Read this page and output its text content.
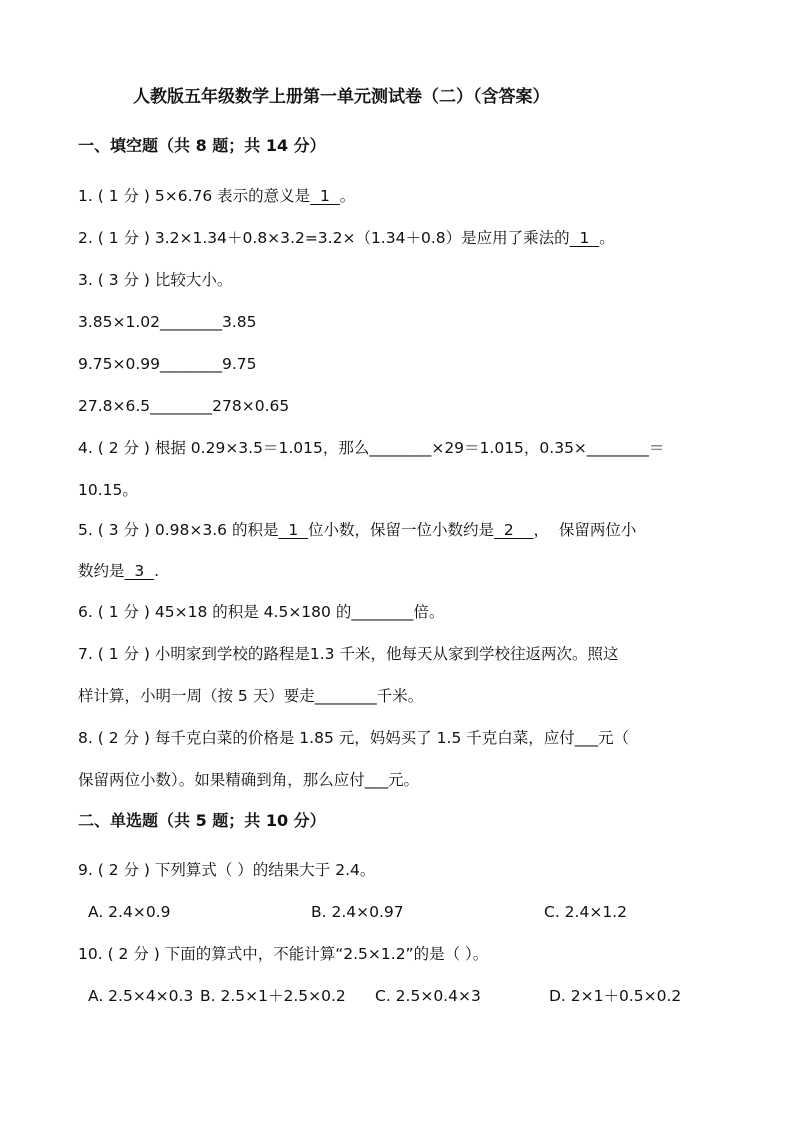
人教版五年级数学上册第一单元测试卷（二）（含答案）
一、填空题（共 8 题；共 14 分）
1. ( 1 分 ) 5×6.76 表示的意义是  1  。
2. ( 1 分 ) 3.2×1.34＋0.8×3.2=3.2×（1.34＋0.8）是应用了乘法的  1  。
3. ( 3 分 ) 比较大小。
3.85×1.02________3.85
9.75×0.99________9.75
27.8×6.5________278×0.65
4. ( 2 分 ) 根据 0.29×3.5＝1.015，那么________×29＝1.015，0.35×________＝
10.15。
5. ( 3 分 ) 0.98×3.6 的积是  1  位小数，保留一位小数约是  2    ，  保留两位小
数约是  3  .
6. ( 1 分 ) 45×18 的积是 4.5×180 的________倍。
7. ( 1 分 ) 小明家到学校的路程是1.3 千米，他每天从家到学校往返两次。照这
样计算，小明一周（按 5 天）要走________千米。
8. ( 2 分 ) 每千克白菜的价格是 1.85 元，妈妈买了 1.5 千克白菜，应付___元（
保留两位小数）。如果精确到角，那么应付___元。
二、单选题（共 5 题；共 10 分）
9. ( 2 分 ) 下列算式（ ）的结果大于 2.4。
A. 2.4×0.9	B. 2.4×0.97	C. 2.4×1.2
10. ( 2 分 ) 下面的算式中，不能计算“2.5×1.2”的是（ ）。
A. 2.5×4×0.3 B. 2.5×1＋2.5×0.2 C. 2.5×0.4×3	D. 2×1＋0.5×0.2
